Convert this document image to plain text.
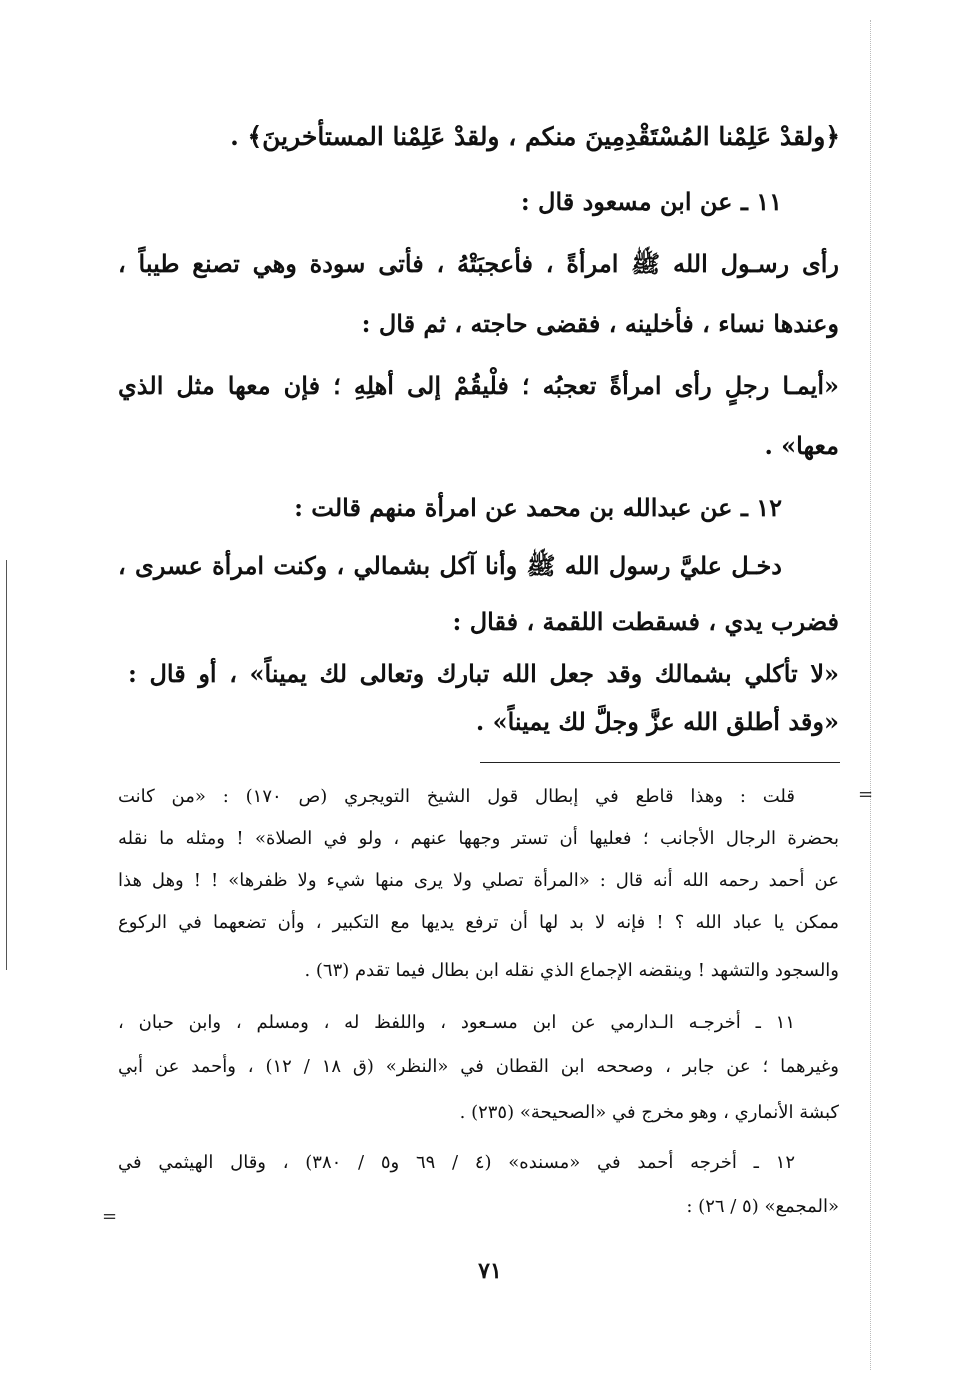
﴿ولقدْ عَلِمْنا المُسْتَقْدِمِينَ منكم ، ولقدْ عَلِمْنا المستأخرينَ﴾ .
١١ ـ عن ابن مسعود قال :
رأى رسـول الله ﷺ امرأةً ، فأعجبَتْهُ ، فأتى سودة وهي تصنع طيباً ،
وعندها نساء ، فأخلينه ، فقضى حاجته ، ثم قال :
«أيمـا رجلٍ رأى امرأةً تعجبُه ؛ فلْيقُمْ إلى أهلِهِ ؛ فإن معها مثل الذي
معها» .
١٢ ـ عن عبدالله بن محمد عن امرأة منهم قالت :
دخـل عليَّ رسول الله ﷺ وأنا آكل بشمالي ، وكنت امرأة عسرى ،
فضرب يدي ، فسقطت اللقمة ، فقال :
«لا تأكلي بشمالك وقد جعل الله تبارك وتعالى لك يميناً» ، أو قال :
«وقد أطلق الله عزَّ وجلَّ لك يميناً» .
=
=
قلت : وهذا قاطع في إبطال قول الشيخ التويجري (ص ١٧٠) : «من كانت
بحضرة الرجال الأجانب ؛ فعليها أن تستر وجهها عنهم ، ولو في الصلاة» ! ومثله ما نقله
عن أحمد رحمه الله أنه قال : «المرأة تصلي ولا يرى منها شيء ولا ظفرها» ! ! وهل هذا
ممكن يا عباد الله ؟ ! فإنه لا بد لها أن ترفع يديها مع التكبير ، وأن تضعهما في الركوع
والسجود والتشهد ! وينقضه الإجماع الذي نقله ابن بطال فيما تقدم (٦٣) .
١١ ـ أخرجـه الـدارمي عن ابن مسـعود ، واللفظ له ، ومسلم ، وابن حبان ،
وغيرهما ؛ عن جابر ، وصححه ابن القطان في «النظر» (ق ١٨ / ١٢) ، وأحمد عن أبي
كبشة الأنماري ، وهو مخرج في «الصحيحة» (٢٣٥) .
١٢ ـ أخرجه أحمد في «مسنده» (٤ / ٦٩ و٥ / ٣٨٠) ، وقال الهيثمي في
«المجمع» (٥ / ٢٦) :
٧١
